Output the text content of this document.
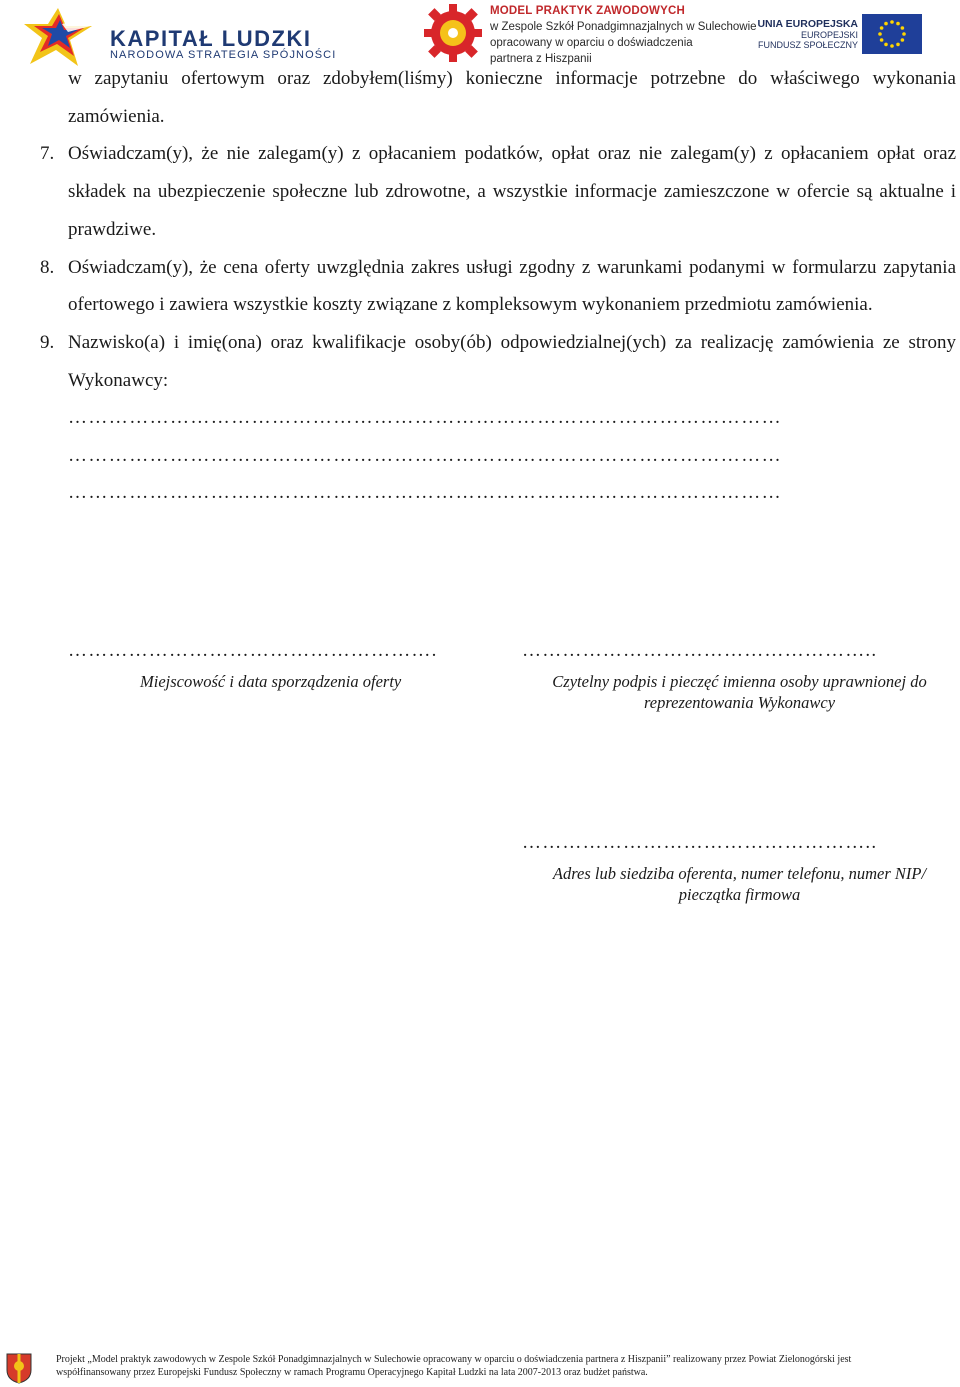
KAPITAŁ LUDZKI
NARODOWA STRATEGIA SPÓJNOŚCI
MODEL PRAKTYK ZAWODOWYCH
w Zespole Szkół Ponadgimnazjalnych w Sulechowie
opracowany w oparciu o doświadczenia
partnera z Hiszpanii
UNIA EUROPEJSKA
EUROPEJSKI
FUNDUSZ SPOŁECZNY

w zapytaniu ofertowym oraz zdobyłem(liśmy) konieczne informacje potrzebne do właściwego wykonania zamówienia.

7. Oświadczam(y), że nie zalegam(y) z opłacaniem podatków, opłat oraz nie zalegam(y) z opłacaniem opłat oraz składek na ubezpieczenie społeczne lub zdrowotne, a wszystkie informacje zamieszczone w ofercie są aktualne i prawdziwe.
8. Oświadczam(y), że cena oferty uwzględnia zakres usługi zgodny z warunkami podanymi w formularzu zapytania ofertowego i zawiera wszystkie koszty związane z kompleksowym wykonaniem przedmiotu zamówienia.
9. Nazwisko(a) i imię(ona) oraz kwalifikacje osoby(ób) odpowiedzialnej(ych) za realizację zamówienia ze strony Wykonawcy:
……………………………………………………………………………………………
……………………………………………………………………………………………
……………………………………………………………………………………………
……………………………………………….
Miejscowość i data sporządzenia oferty
……………………………………………..
Czytelny podpis i pieczęć imienna osoby uprawnionej do reprezentowania Wykonawcy
……………………………………………..
Adres lub siedziba oferenta, numer telefonu, numer NIP/ pieczątka firmowa
Projekt „Model praktyk zawodowych w Zespole Szkół Ponadgimnazjalnych w Sulechowie opracowany w oparciu o doświadczenia partnera z Hiszpanii” realizowany przez Powiat Zielonogórski jest
współfinansowany przez Europejski Fundusz Społeczny w ramach Programu Operacyjnego Kapitał Ludzki na lata 2007-2013 oraz budżet państwa.
